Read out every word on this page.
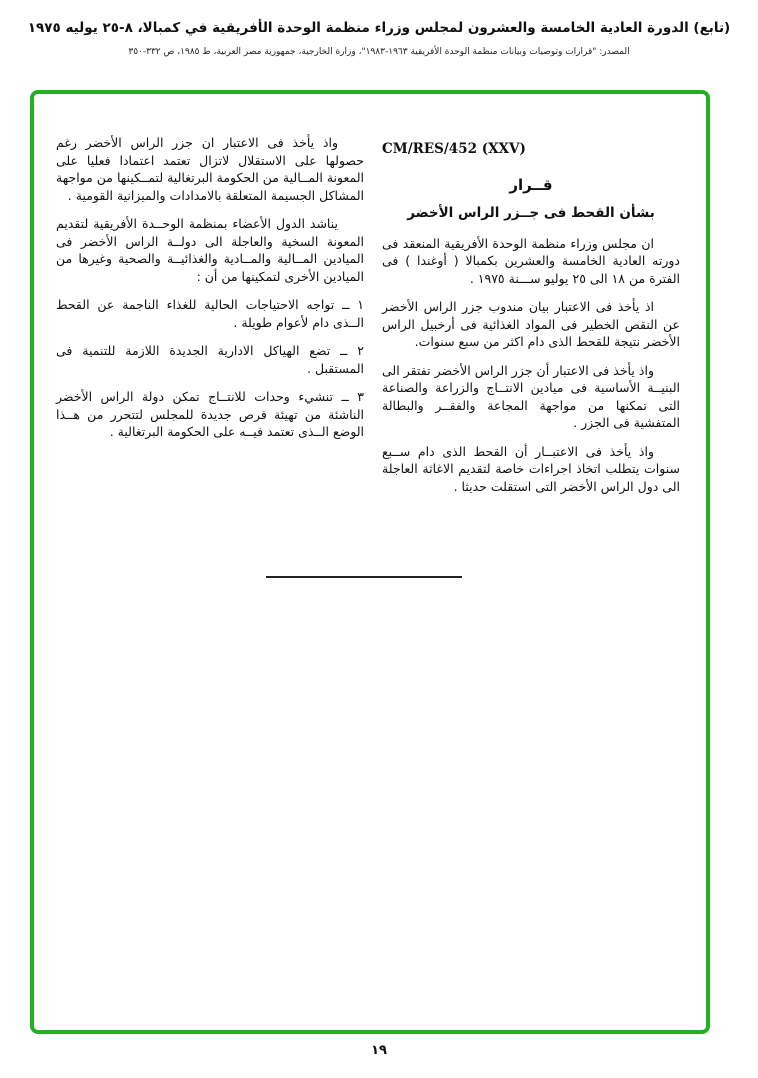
(تابع) الدورة العادية الخامسة والعشرون لمجلس وزراء منظمة الوحدة الأفريقية في كمبالا، ٨-٢٥ يوليه ١٩٧٥
المصدر: "قرارات وتوصيات وبيانات منظمة الوحدة الأفريقية ١٩٦٣-١٩٨٣"، وزارة الخارجية، جمهورية مصر العربية، ط ١٩٨٥، ص ٣٣٢-٣٥٠
CM/RES/452 (XXV)
قــرار
بشأن القحط فى جــزر الراس الأخضر

ان مجلس وزراء منظمة الوحدة الأفريقية المنعقد فى دورته العادية الخامسة والعشرين بكمبالا ( أوغندا ) فى الفترة من ١٨ الى ٢٥ يوليو ســـنة ١٩٧٥ .

اذ يأخذ فى الاعتبار بيان مندوب جزر الراس الأخضر عن النقص الخطير فى المواد الغذائية فى أرخبيل الراس الأخضر نتيجة للقحط الذى دام اكثر من سبع سنوات.

واذ يأخذ فى الاعتبار أن جزر الراس الأخضر تفتقر الى البنيــة الأساسية فى ميادين الانتــاج والزراعة والصناعة التى تمكنها من مواجهة المجاعة والفقــر والبطالة المتفشية فى الجزر .

واذ يأخذ فى الاعتبــار أن القحط الذى دام ســبع سنوات يتطلب اتخاذ اجراءات خاصة لتقديم الاغاثة العاجلة الى دول الراس الأخضر التى استقلت حديثا .

واذ يأخذ فى الاعتبار ان جزر الراس الأخضر رغم حصولها على الاستقلال لاتزال تعتمد اعتمادا فعليا على المعونة المــالية من الحكومة البرتغالية لتمــكينها من مواجهة المشاكل الجسيمة المتعلقة بالامدادات والميزانية القومية .

يناشد الدول الأعضاء بمنظمة الوحــدة الأفريقية لتقديم المعونة السخية والعاجلة الى دولــة الراس الأخضر فى الميادين المــالية والمــادية والغذائيــة والصحية وغيرها من الميادين الأخرى لتمكينها من أن :

١ ــ تواجه الاحتياجات الحالية للغذاء الناجمة عن القحط الــذى دام لأعوام طويلة .

٢ ــ تضع الهياكل الادارية الجديدة اللازمة للتنمية فى المستقبل .

٣ ــ تنشيء وحدات للانتــاج تمكن دولة الراس الأخضر الناشئة من تهيئة فرص جديدة للمجلس لتتحرر من هــذا الوضع الــذى تعتمد فيــه على الحكومة البرتغالية .

١٩
